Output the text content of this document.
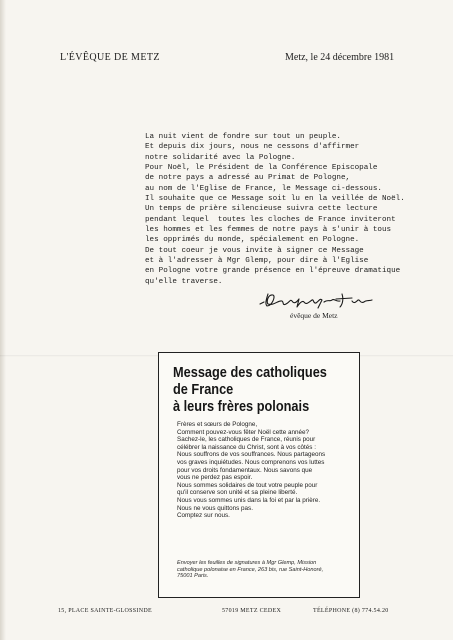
L'ÉVÊQUE DE METZ	Metz, le 24 décembre 1981
La nuit vient de fondre sur tout un peuple.
Et depuis dix jours, nous ne cessons d'affirmer
notre solidarité avec la Pologne.
Pour Noël, le Président de la Conférence Episcopale
de notre pays a adressé au Primat de Pologne,
au nom de l'Eglise de France, le Message ci-dessous.
Il souhaite que ce Message soit lu en la veillée de Noël.
Un temps de prière silencieuse suivra cette lecture
pendant lequel  toutes les cloches de France inviteront
les hommes et les femmes de notre pays à s'unir à tous
les opprimés du monde, spécialement en Pologne.
De tout coeur je vous invite à signer ce Message
et à l'adresser à Mgr Glemp, pour dire à l'Eglise
en Pologne votre grande présence en l'épreuve dramatique
qu'elle traverse.
évêque de Metz
Message des catholiques
de France
à leurs frères polonais
Frères et sœurs de Pologne,
Comment pouvez-vous fêter Noël cette année?
Sachez-le, les catholiques de France, réunis pour
célébrer la naissance du Christ, sont à vos côtés :
Nous souffrons de vos souffrances. Nous partageons
vos graves inquiétudes. Nous comprenons vos luttes
pour vos droits fondamentaux. Nous savons que
vous ne perdez pas espoir.
Nous sommes solidaires de tout votre peuple pour
qu'il conserve son unité et sa pleine liberté.
Nous vous sommes unis dans la foi et par la prière.
Nous ne vous quittons pas.
Comptez sur nous.
Envoyer les feuilles de signatures à Mgr Glemp, Mission
catholique polonaise en France, 263 bis, rue Saint-Honoré,
75001 Paris.
15, PLACE SAINTE-GLOSSINDE	57019 METZ CEDEX	TÉLÉPHONE (8) 774.54.20
